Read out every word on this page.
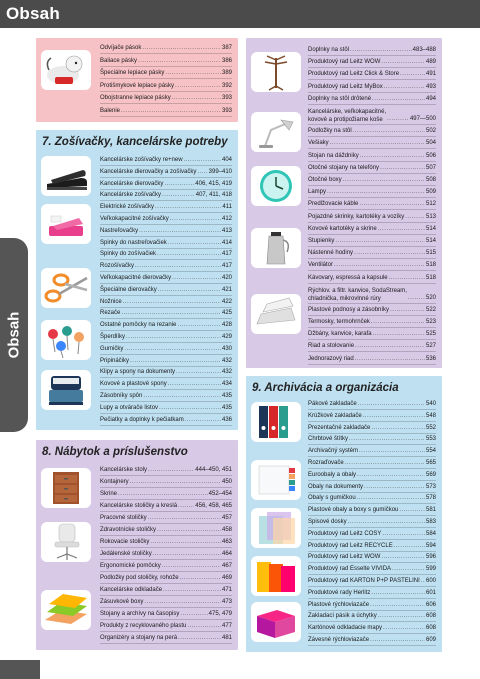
Obsah
Obsah
Odvíjače pások .....	387
Baliace pásky .....	386
Špeciálne lepiace pásky .....	389
Protišmykové lepiace pásky .....	392
Obojstranne lepiace pásky .....	393
Balenie .....	393
7. Zošívačky, kancelárske potreby
Kancelárske zošívačky re+new .....	404
Kancelárske dierovačky a zošívačky ..... 399–410
Kancelárske dierovačky .....	406, 415, 419
Kancelárske zošívačky .....	407, 411, 418
Elektrické zošívačky .....	411
Veľkokapacitné zošívačky .....	412
Nastreľovačky .....	413
Spinky do nastreľovačiek .....	414
Spinky do zošívačiek .....	417
Rozošívačky .....	417
Veľkokapacitné dierovačky .....	420
Špeciálne dierovačky .....	421
Nožnice .....	422
Rezače .....	425
Ostatné pomôcky na rezanie .....	428
Šperdlíky .....	429
Gumičky .....	430
Pripináčiky .....	432
Klipy a spony na dokumenty .....	432
Kovové a plastové spony .....	434
Zásobníky spôn .....	435
Lupy a otvárače listov .....	435
Pečiatky a doplnky k pečiatkam .....	436
8. Nábytok a príslušenstvo
Kancelárske stoly .....	444–450, 451
Kontajnery .....	450
Skrine .....	452–454
Kancelárske stoličky a kreslá .....	456, 458, 465
Pracovné stoličky .....	457
Zdravotnícke stoličky .....	458
Rokovacie stoličky .....	463
Jedálenské stoličky .....	464
Ergonomické pomôcky .....	467
Podložky pod stoličky, rohože .....	469
Kancelárske odkladače .....	471
Zásuvkové boxy .....	473
Stojany a archívy na časopisy .....	475, 479
Produkty z recyklovaného plastu .....	477
Organizéry a stojany na perá .....	481
Doplnky na stôl .....	483–488
Produktový rad Leitz WOW .....	489
Produktový rad Leitz Click & Store .....	491
Produktový rad Leitz MyBox .....	493
Doplnky na stôl drôtené .....	494
Kancelárske, veľkokapacitné,
kovové a protipožiarne koše .....	497—500
Podložky na stôl .....	502
Vešiaky .....	504
Stojan na dáždniky .....	506
Otočné stojany na telefóny .....	507
Otočné boxy .....	508
Lampy .....	509
Predlžovacie káble .....	512
Pojazdné skrinky, kartotéky a vozíky .....	513
Kovové kartotéky a skrine .....	514
Stupienky .....	514
Nástenné hodiny .....	515
Ventilátor .....	518
Kávovary, espressá a kapsule .....	518
Rýchlov. a filtr. kanvice, SodaStream,
chladnička, mikrovlnné rúry .....	520
Plastové podnosy a zásobníky .....	522
Termosky, termohrnček .....	523
Džbány, kanvice, karafa .....	525
Riad a stolovanie .....	527
Jednorazový riad .....	536
9. Archivácia a organizácia
Pákové zakladače .....	540
Krúžkové zakladače .....	548
Prezentačné zakladače .....	552
Chrbtové štítky .....	553
Archivačný systém .....	554
Rozraďovače .....	565
Euroobaly a obaly .....	569
Obaly na dokumenty .....	573
Obaly s gumičkou .....	578
Plastové obaly a boxy s gumičkou .....	581
Spisové dosky .....	583
Produktový rad Leitz COSY .....	584
Produktový rad Leitz RECYCLE .....	594
Produktový rad Leitz WOW .....	596
Produktový rad Esselte VIVIDA .....	599
Produktový rad KARTON P+P PASTELINI ..... 600
Produktové rady Herlitz .....	601
Plastové rýchloviazače .....	606
Zakladací pásik a úchytky .....	608
Kartónové odkladacie mapy .....	608
Závesné rýchloviazače .....	609
